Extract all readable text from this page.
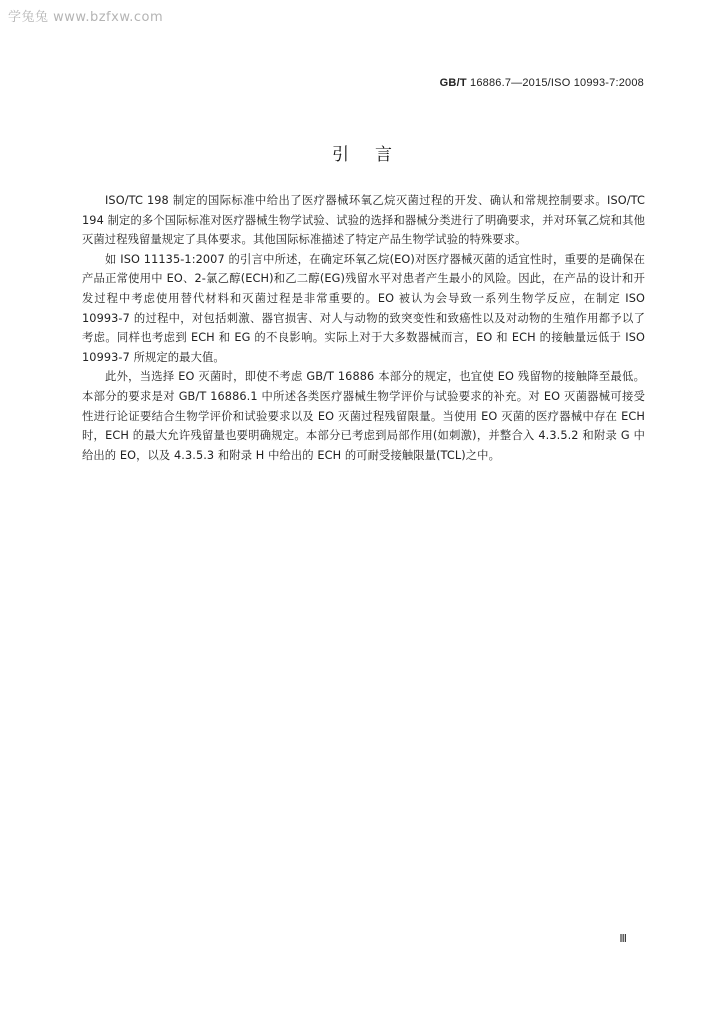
学兔兔 www.bzfxw.com
GB/T 16886.7—2015/ISO 10993-7:2008
引言

ISO/TC 198 制定的国际标准中给出了医疗器械环氧乙烷灭菌过程的开发、确认和常规控制要求。ISO/TC 194 制定的多个国际标准对医疗器械生物学试验、试验的选择和器械分类进行了明确要求，并对环氧乙烷和其他灭菌过程残留量规定了具体要求。其他国际标准描述了特定产品生物学试验的特殊要求。

如 ISO 11135-1:2007 的引言中所述，在确定环氧乙烷(EO)对医疗器械灭菌的适宜性时，重要的是确保在产品正常使用中 EO、2-氯乙醇(ECH)和乙二醇(EG)残留水平对患者产生最小的风险。因此，在产品的设计和开发过程中考虑使用替代材料和灭菌过程是非常重要的。EO 被认为会导致一系列生物学反应，在制定 ISO 10993-7 的过程中，对包括刺激、器官损害、对人与动物的致突变性和致癌性以及对动物的生殖作用都予以了考虑。同样也考虑到 ECH 和 EG 的不良影响。实际上对于大多数器械而言，EO 和 ECH 的接触量远低于 ISO 10993-7 所规定的最大值。

此外，当选择 EO 灭菌时，即使不考虑 GB/T 16886 本部分的规定，也宜使 EO 残留物的接触降至最低。本部分的要求是对 GB/T 16886.1 中所述各类医疗器械生物学评价与试验要求的补充。对 EO 灭菌器械可接受性进行论证要结合生物学评价和试验要求以及 EO 灭菌过程残留限量。当使用 EO 灭菌的医疗器械中存在 ECH 时，ECH 的最大允许残留量也要明确规定。本部分已考虑到局部作用(如刺激)，并整合入 4.3.5.2 和附录 G 中给出的 EO，以及 4.3.5.3 和附录 H 中给出的 ECH 的可耐受接触限量(TCL)之中。

Ⅲ
